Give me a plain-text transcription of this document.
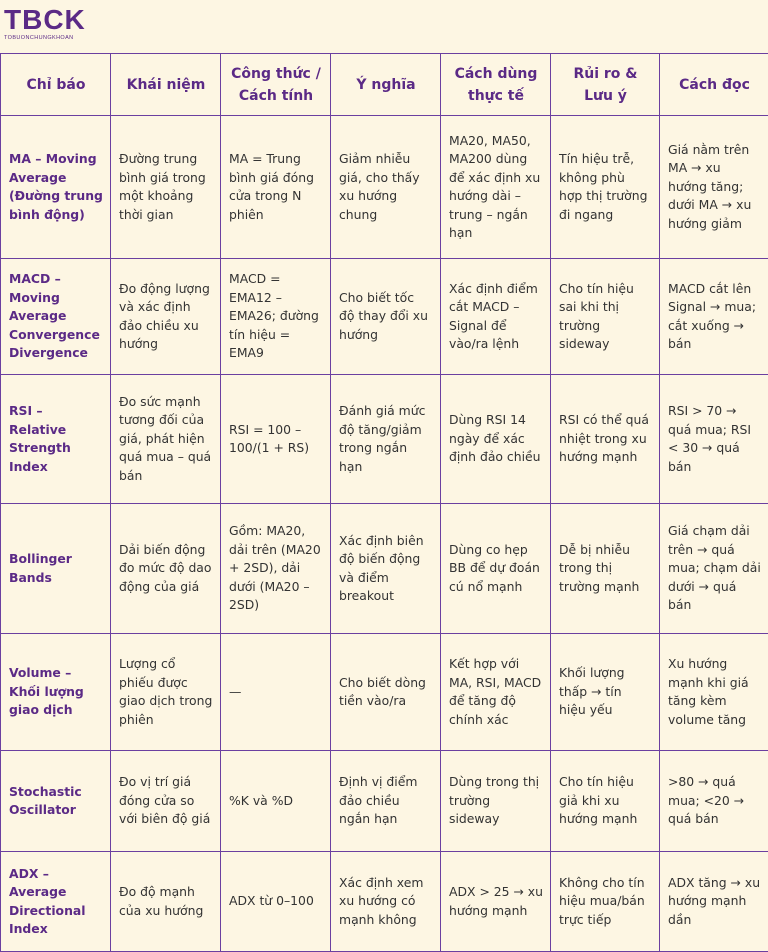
TBCK
TOBUONCHUNGKHOAN
Chỉ báo	Khái niệm	Công thức / Cách tính	Ý nghĩa	Cách dùng thực tế	Rủi ro & Lưu ý	Cách đọc
MA – Moving Average (Đường trung bình động)	Đường trung bình giá trong một khoảng thời gian	MA = Trung bình giá đóng cửa trong N phiên	Giảm nhiễu giá, cho thấy xu hướng chung	MA20, MA50, MA200 dùng để xác định xu hướng dài – trung – ngắn hạn	Tín hiệu trễ, không phù hợp thị trường đi ngang	Giá nằm trên MA → xu hướng tăng; dưới MA → xu hướng giảm
MACD – Moving Average Convergence Divergence	Đo động lượng và xác định đảo chiều xu hướng	MACD = EMA12 – EMA26; đường tín hiệu = EMA9	Cho biết tốc độ thay đổi xu hướng	Xác định điểm cắt MACD – Signal để vào/ra lệnh	Cho tín hiệu sai khi thị trường sideway	MACD cắt lên Signal → mua; cắt xuống → bán
RSI – Relative Strength Index	Đo sức mạnh tương đối của giá, phát hiện quá mua – quá bán	RSI = 100 – 100/(1 + RS)	Đánh giá mức độ tăng/giảm trong ngắn hạn	Dùng RSI 14 ngày để xác định đảo chiều	RSI có thể quá nhiệt trong xu hướng mạnh	RSI > 70 → quá mua; RSI < 30 → quá bán
Bollinger Bands	Dải biến động đo mức độ dao động của giá	Gồm: MA20, dải trên (MA20 + 2SD), dải dưới (MA20 – 2SD)	Xác định biên độ biến động và điểm breakout	Dùng co hẹp BB để dự đoán cú nổ mạnh	Dễ bị nhiễu trong thị trường mạnh	Giá chạm dải trên → quá mua; chạm dải dưới → quá bán
Volume – Khối lượng giao dịch	Lượng cổ phiếu được giao dịch trong phiên	—	Cho biết dòng tiền vào/ra	Kết hợp với MA, RSI, MACD để tăng độ chính xác	Khối lượng thấp → tín hiệu yếu	Xu hướng mạnh khi giá tăng kèm volume tăng
Stochastic Oscillator	Đo vị trí giá đóng cửa so với biên độ giá	%K và %D	Định vị điểm đảo chiều ngắn hạn	Dùng trong thị trường sideway	Cho tín hiệu giả khi xu hướng mạnh	>80 → quá mua; <20 → quá bán
ADX – Average Directional Index	Đo độ mạnh của xu hướng	ADX từ 0–100	Xác định xem xu hướng có mạnh không	ADX > 25 → xu hướng mạnh	Không cho tín hiệu mua/bán trực tiếp	ADX tăng → xu hướng mạnh dần
